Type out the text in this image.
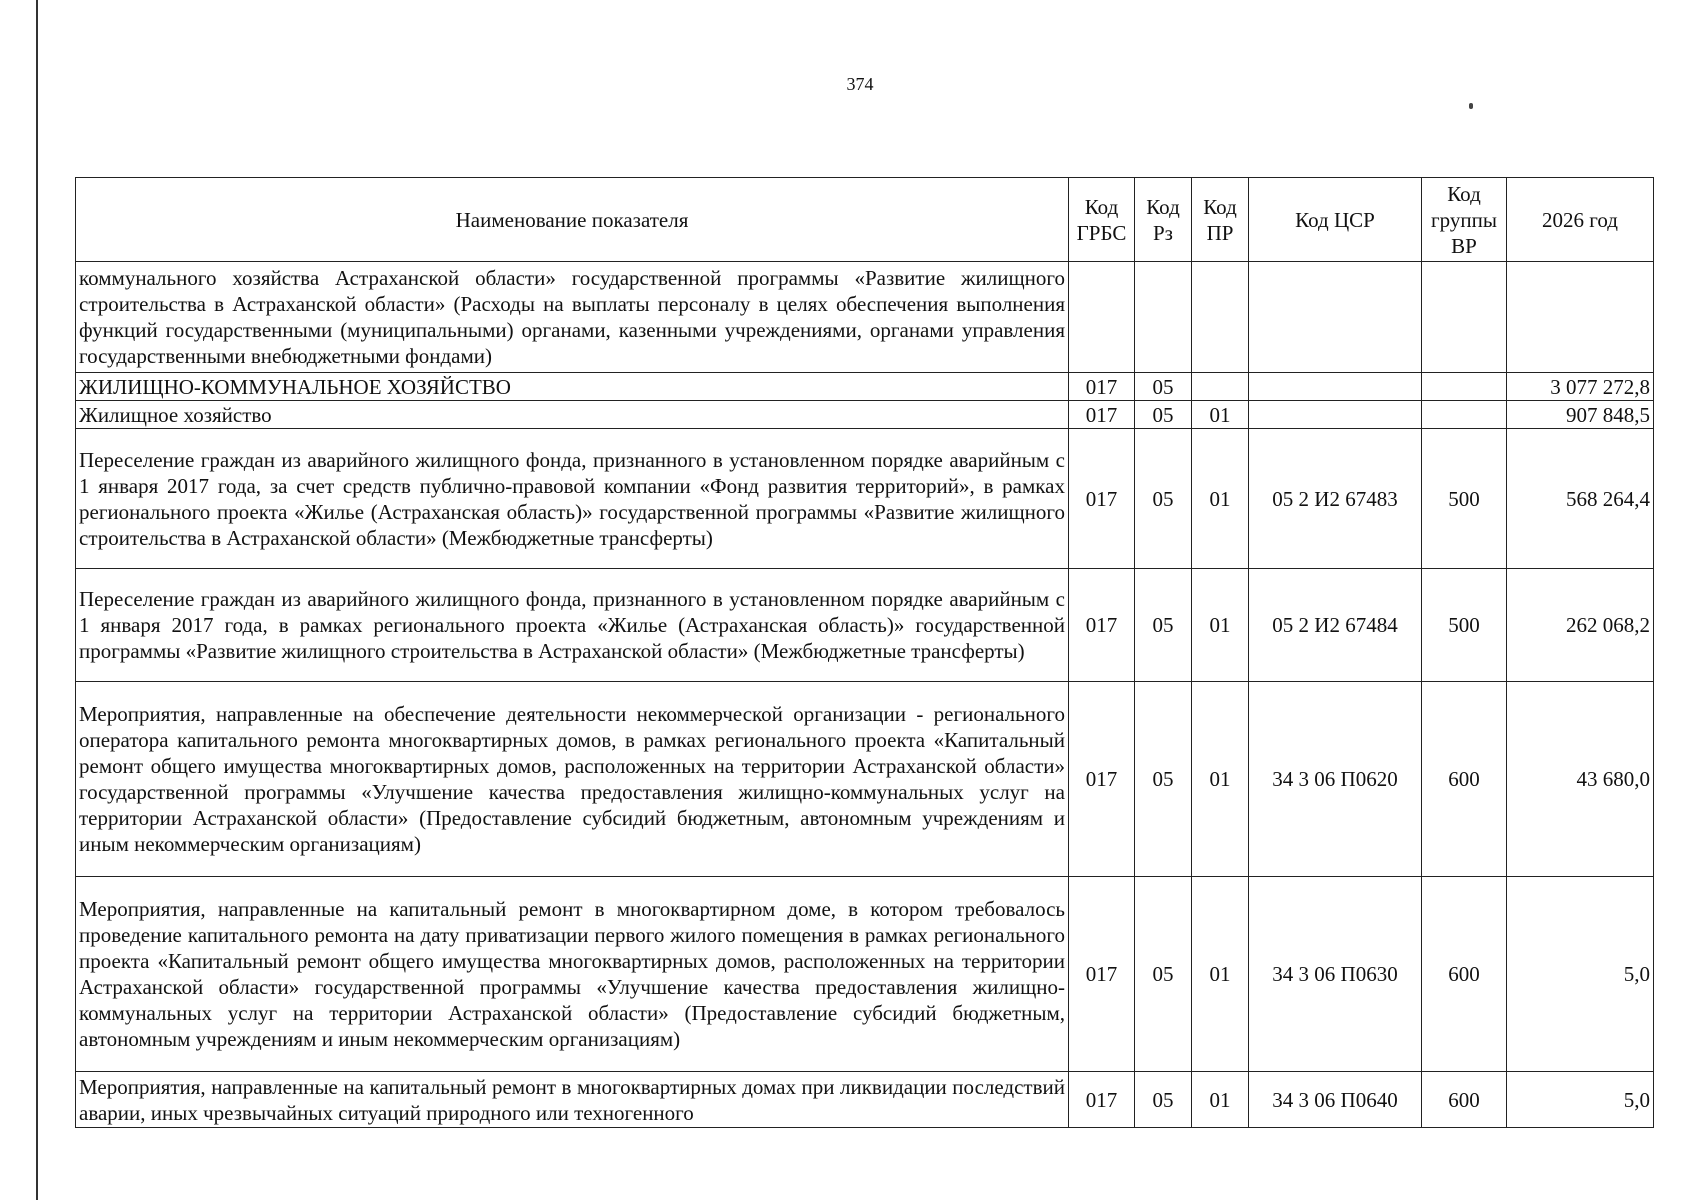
374
Наименование показателя	Код ГРБС	Код Рз	Код ПР	Код ЦСР	Код группы ВР	2026 год
коммунального хозяйства Астраханской области» государственной программы «Развитие жилищного строительства в Астраханской области» (Расходы на выплаты персоналу в целях обеспечения выполнения функций государственными (муниципальными) органами, казенными учреждениями, органами управления государственными внебюджетными фондами)						
ЖИЛИЩНО-КОММУНАЛЬНОЕ ХОЗЯЙСТВО	017	05				3 077 272,8
Жилищное хозяйство	017	05	01			907 848,5
Переселение граждан из аварийного жилищного фонда, признанного в установленном порядке аварийным с 1 января 2017 года, за счет средств публично-правовой компании «Фонд развития территорий», в рамках регионального проекта «Жилье (Астраханская область)» государственной программы «Развитие жилищного строительства в Астраханской области» (Межбюджетные трансферты)	017	05	01	05 2 И2 67483	500	568 264,4
Переселение граждан из аварийного жилищного фонда, признанного в установленном порядке аварийным с 1 января 2017 года, в рамках регионального проекта «Жилье (Астраханская область)» государственной программы «Развитие жилищного строительства в Астраханской области» (Межбюджетные трансферты)	017	05	01	05 2 И2 67484	500	262 068,2
Мероприятия, направленные на обеспечение деятельности некоммерческой организации - регионального оператора капитального ремонта многоквартирных домов, в рамках регионального проекта «Капитальный ремонт общего имущества многоквартирных домов, расположенных на территории Астраханской области» государственной программы «Улучшение качества предоставления жилищно-коммунальных услуг на территории Астраханской области» (Предоставление субсидий бюджетным, автономным учреждениям и иным некоммерческим организациям)	017	05	01	34 3 06 П0620	600	43 680,0
Мероприятия, направленные на капитальный ремонт в многоквартирном доме, в котором требовалось проведение капитального ремонта на дату приватизации первого жилого помещения в рамках регионального проекта «Капитальный ремонт общего имущества многоквартирных домов, расположенных на территории Астраханской области» государственной программы «Улучшение качества предоставления жилищно-коммунальных услуг на территории Астраханской области» (Предоставление субсидий бюджетным, автономным учреждениям и иным некоммерческим организациям)	017	05	01	34 3 06 П0630	600	5,0
Мероприятия, направленные на капитальный ремонт в многоквартирных домах при ликвидации последствий аварии, иных чрезвычайных ситуаций природного или техногенного	017	05	01	34 3 06 П0640	600	5,0
